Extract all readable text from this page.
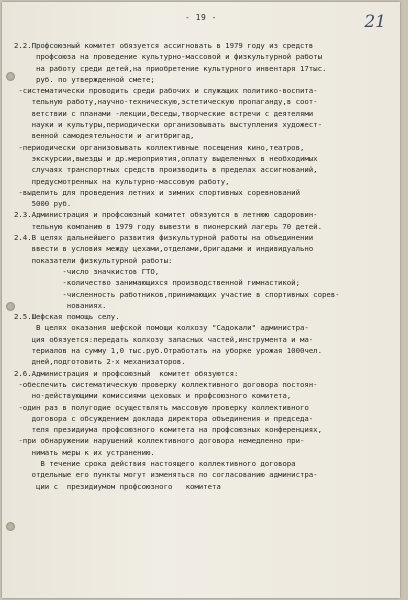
- 19 -	21
2.2.Профсоюзный комитет обязуется ассигновать в 1979 году из средств
профсоюза на проведение культурно-массовой и физкультурной работы
на работу среди детей,на приобретение культурного инвентаря 17тыс.
руб. по утвержденной смете;
-систематически проводить среди рабочих и служащих политико-воспита-
тельную работу,научно-техническую,эстетическую пропаганду,в соот-
ветствии с планами -лекции,беседы,творческие встречи с деятелями
науки и культуры,периодически организовывать выступления художест-
венной самодеятельности и агитбригад,
-периодически организовывать коллективные посещения кино,театров,
экскурсии,выезды и др.мероприятия,оплату выделенных в необходимых
случаях транспортных средств производить в пределах ассигнований,
предусмотренных на культурно-массовую работу,
-выделить для проведения летних и зимних спортивных соревнований
5000 руб.
2.3.Администрация и профсоюзный комитет обязуются в летнюю садоровин-
тельную компанию в 1979 году вывезти в пионерский лагерь 70 детей.
2.4.В целях дальнейшего развития физкультурной работы на объединении
ввести в условия между цехами,отделами,бригадами и индивидуально
показатели физкультурной работы:
-число значкистов ГТО,
-количество занимающихся производственной гимнастикой;
-численность работников,принимающих участие в спортивных сорев-
нованиях.
2.5.Шефская помощь селу.
В целях оказания шефской помощи колхозу "Садокали" администра-
ция обязуется:передать колхозу запасных частей,инструмента и ма-
териалов на сумму 1,0 тыс.руб.Отработать на уборке урожая 1000чел.
дней,подготовить 2-х механизаторов.
2.6.Администрация и профсоюзный  комитет обязуются:
-обеспечить систематическую проверку коллективного договора постоян-
но-действующими комиссиями цеховых и профсоюзного комитета,
-один раз в полугодие осуществлять массовую проверку коллективного
договора с обсуждением доклада директора объединения и председа-
теля президиума профсоюзного комитета на профсоюзных конференциях,
-при обнаружении нарушений коллективного договора немедленно при-
нимать меры к их устранению.
В течение срока действия настоящего коллективного договора
отдельные его пункты могут изменяться по согласованию администра-
ции с  президиумом профсоюзного   комитета
